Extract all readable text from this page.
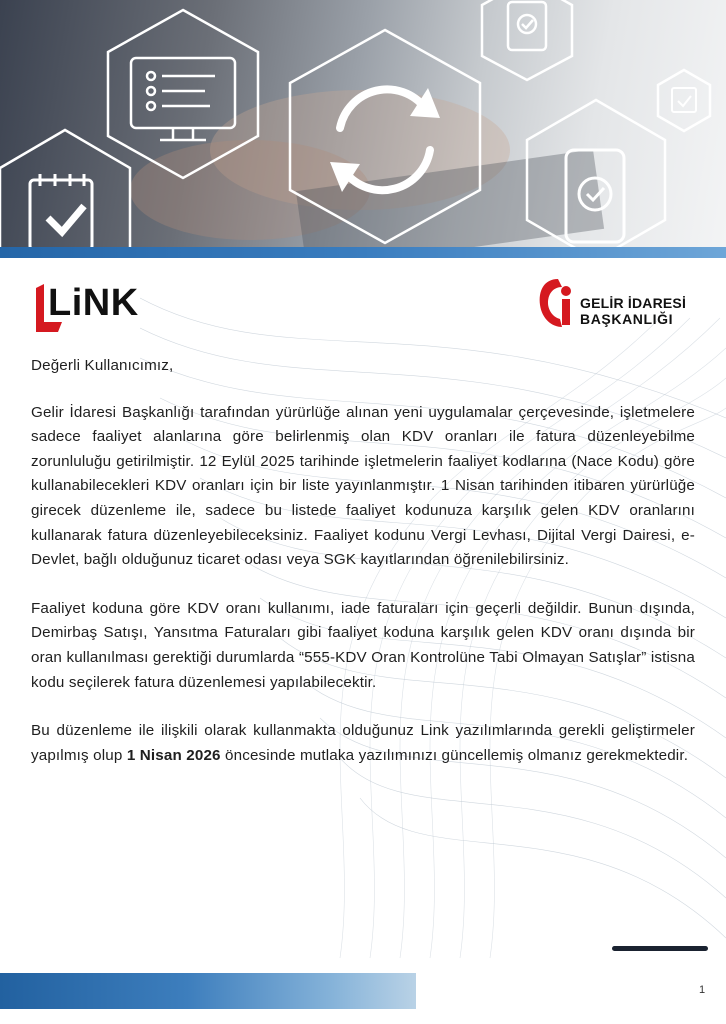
LiNK	GELİR İDARESİ
BAŞKANLIĞI

Değerli Kullanıcımız,

Gelir İdaresi Başkanlığı tarafından yürürlüğe alınan yeni uygulamalar çerçevesinde, işletmelere sadece faaliyet alanlarına göre belirlenmiş olan KDV oranları ile fatura düzenleyebilme zorunluluğu getirilmiştir. 12 Eylül 2025 tarihinde işletmelerin faaliyet kodlarına (Nace Kodu) göre kullanabilecekleri KDV oranları için bir liste yayınlanmıştır. 1 Nisan tarihinden itibaren yürürlüğe girecek düzenleme ile, sadece bu listede faaliyet kodunuza karşılık gelen KDV oranlarını kullanarak fatura düzenleyebileceksiniz. Faaliyet kodunu Vergi Levhası, Dijital Vergi Dairesi, e-Devlet, bağlı olduğunuz ticaret odası veya SGK kayıtlarından öğrenilebilirsiniz.

Faaliyet koduna göre KDV oranı kullanımı, iade faturaları için geçerli değildir. Bunun dışında, Demirbaş Satışı, Yansıtma Faturaları gibi faaliyet koduna karşılık gelen KDV oranı dışında bir oran kullanılması gerektiği durumlarda “555-KDV Oran Kontrolüne Tabi Olmayan Satışlar” istisna kodu seçilerek fatura düzenlemesi yapılabilecektir.

Bu düzenleme ile ilişkili olarak kullanmakta olduğunuz Link yazılımlarında gerekli geliştirmeler yapılmış olup 1 Nisan 2026 öncesinde mutlaka yazılımınızı güncellemiş olmanız gerekmektedir.

1
